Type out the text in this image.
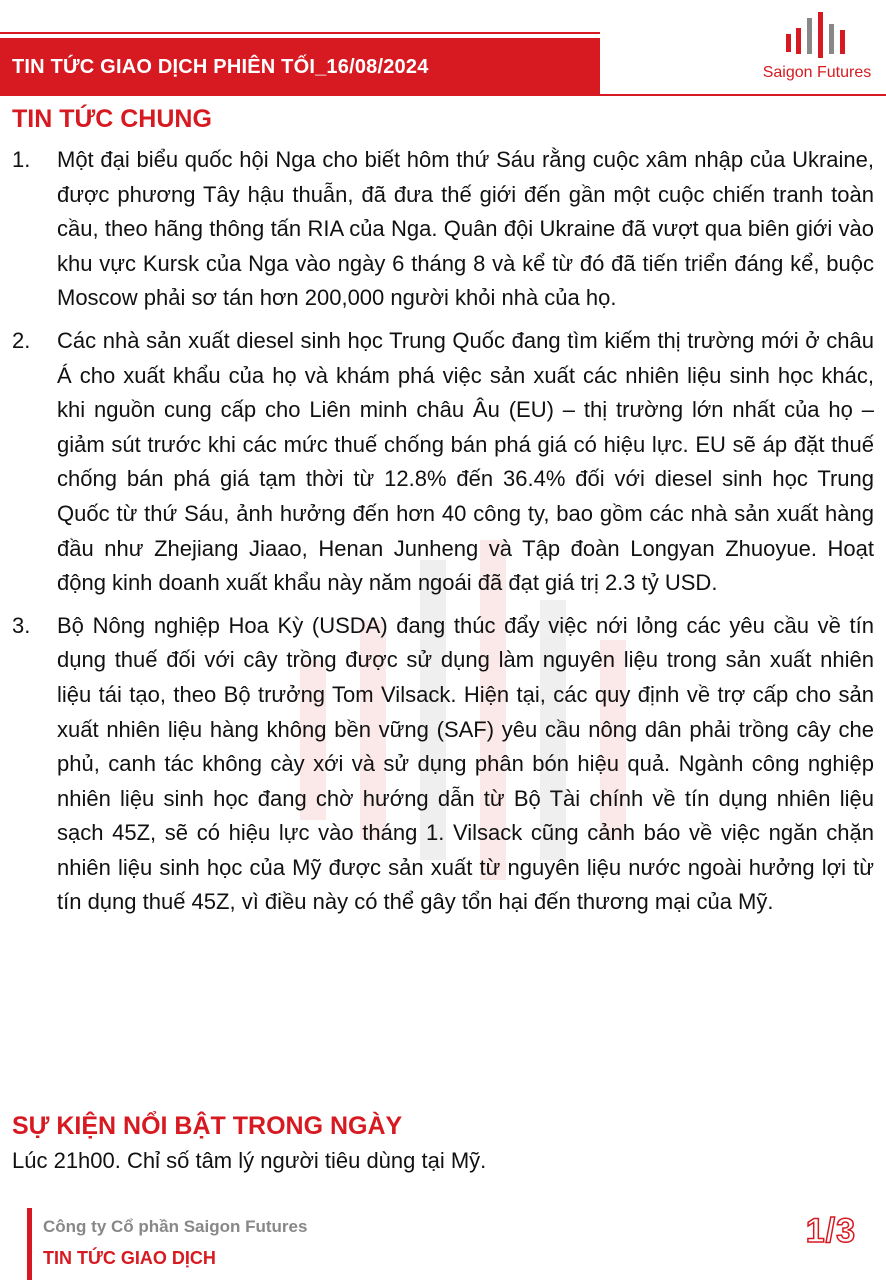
TIN TỨC GIAO DỊCH PHIÊN TỐI_16/08/2024	Saigon Futures
TIN TỨC CHUNG
1. Một đại biểu quốc hội Nga cho biết hôm thứ Sáu rằng cuộc xâm nhập của Ukraine, được phương Tây hậu thuẫn, đã đưa thế giới đến gần một cuộc chiến tranh toàn cầu, theo hãng thông tấn RIA của Nga. Quân đội Ukraine đã vượt qua biên giới vào khu vực Kursk của Nga vào ngày 6 tháng 8 và kể từ đó đã tiến triển đáng kể, buộc Moscow phải sơ tán hơn 200,000 người khỏi nhà của họ.
2. Các nhà sản xuất diesel sinh học Trung Quốc đang tìm kiếm thị trường mới ở châu Á cho xuất khẩu của họ và khám phá việc sản xuất các nhiên liệu sinh học khác, khi nguồn cung cấp cho Liên minh châu Âu (EU) – thị trường lớn nhất của họ – giảm sút trước khi các mức thuế chống bán phá giá có hiệu lực. EU sẽ áp đặt thuế chống bán phá giá tạm thời từ 12.8% đến 36.4% đối với diesel sinh học Trung Quốc từ thứ Sáu, ảnh hưởng đến hơn 40 công ty, bao gồm các nhà sản xuất hàng đầu như Zhejiang Jiaao, Henan Junheng và Tập đoàn Longyan Zhuoyue. Hoạt động kinh doanh xuất khẩu này năm ngoái đã đạt giá trị 2.3 tỷ USD.
3. Bộ Nông nghiệp Hoa Kỳ (USDA) đang thúc đẩy việc nới lỏng các yêu cầu về tín dụng thuế đối với cây trồng được sử dụng làm nguyên liệu trong sản xuất nhiên liệu tái tạo, theo Bộ trưởng Tom Vilsack. Hiện tại, các quy định về trợ cấp cho sản xuất nhiên liệu hàng không bền vững (SAF) yêu cầu nông dân phải trồng cây che phủ, canh tác không cày xới và sử dụng phân bón hiệu quả. Ngành công nghiệp nhiên liệu sinh học đang chờ hướng dẫn từ Bộ Tài chính về tín dụng nhiên liệu sạch 45Z, sẽ có hiệu lực vào tháng 1. Vilsack cũng cảnh báo về việc ngăn chặn nhiên liệu sinh học của Mỹ được sản xuất từ nguyên liệu nước ngoài hưởng lợi từ tín dụng thuế 45Z, vì điều này có thể gây tổn hại đến thương mại của Mỹ.
SỰ KIỆN NỔI BẬT TRONG NGÀY
Lúc 21h00. Chỉ số tâm lý người tiêu dùng tại Mỹ.
Công ty Cổ phần Saigon Futures
TIN TỨC GIAO DỊCH
1/3
